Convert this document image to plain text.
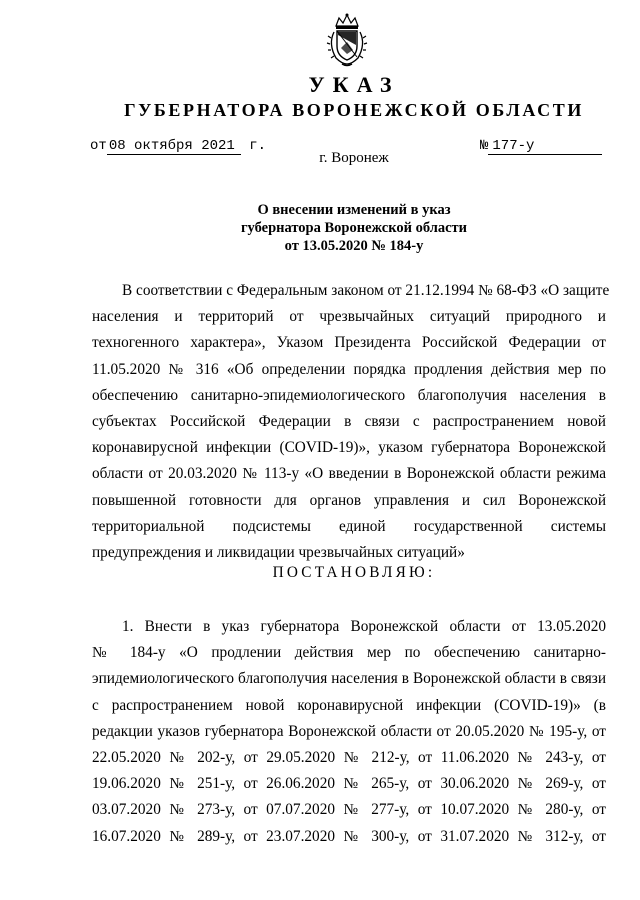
УКАЗ
ГУБЕРНАТОРА ВОРОНЕЖСКОЙ ОБЛАСТИ
от 08 октября 2021 г.	№ 177-у
г. Воронеж
О внесении изменений в указ
губернатора Воронежской области
от 13.05.2020 № 184-у
В соответствии с Федеральным законом от 21.12.1994 № 68-ФЗ «О защите
населения и территорий от чрезвычайных ситуаций природного и
техногенного характера», Указом Президента Российской Федерации от
11.05.2020 № 316 «Об определении порядка продления действия мер по
обеспечению санитарно-эпидемиологического благополучия населения в
субъектах Российской Федерации в связи с распространением новой
коронавирусной инфекции (COVID-19)», указом губернатора Воронежской
области от 20.03.2020 № 113-у «О введении в Воронежской области режима
повышенной готовности для органов управления и сил Воронежской
территориальной подсистемы единой государственной системы
предупреждения и ликвидации чрезвычайных ситуаций»
ПОСТАНОВЛЯЮ:
1. Внести в указ губернатора Воронежской области от 13.05.2020
№ 184-у «О продлении действия мер по обеспечению санитарно-
эпидемиологического благополучия населения в Воронежской области в связи
с распространением новой коронавирусной инфекции (COVID-19)» (в
редакции указов губернатора Воронежской области от 20.05.2020 № 195-у, от
22.05.2020 № 202-у, от 29.05.2020 № 212-у, от 11.06.2020 № 243-у, от
19.06.2020 № 251-у, от 26.06.2020 № 265-у, от 30.06.2020 № 269-у, от
03.07.2020 № 273-у, от 07.07.2020 № 277-у, от 10.07.2020 № 280-у, от
16.07.2020 № 289-у, от 23.07.2020 № 300-у, от 31.07.2020 № 312-у, от
